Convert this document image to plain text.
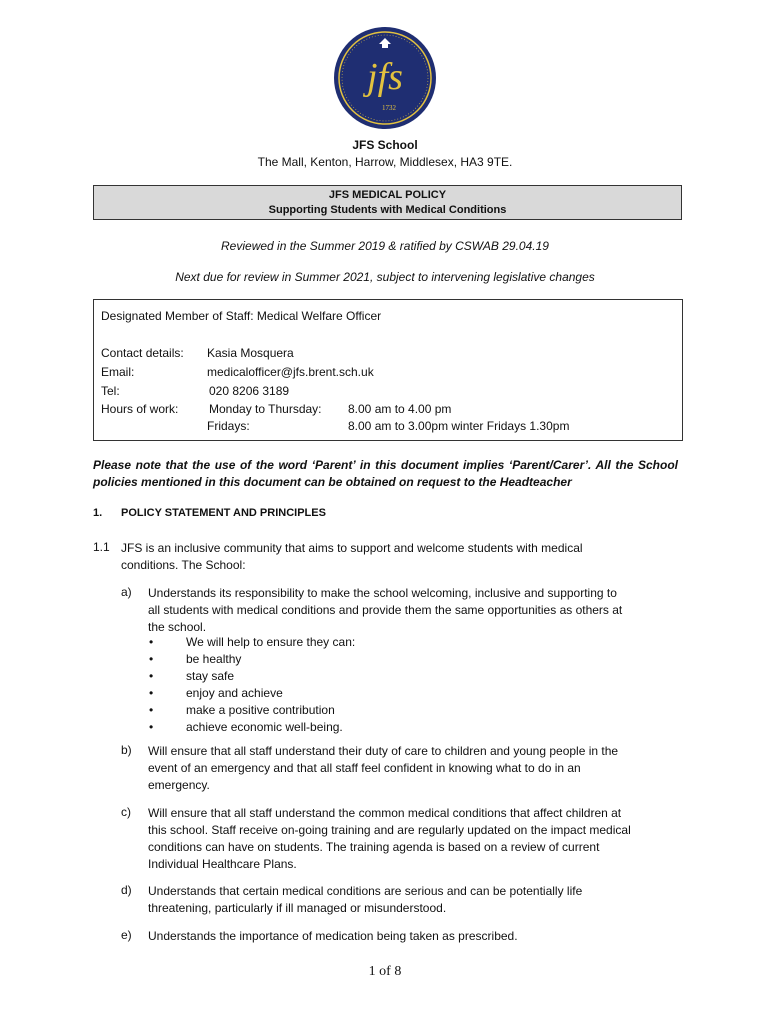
jfs
1732
JFS School
The Mall, Kenton, Harrow, Middlesex, HA3 9TE.
JFS MEDICAL POLICY
Supporting Students with Medical Conditions
Reviewed in the Summer 2019 & ratified by CSWAB 29.04.19
Next due for review in Summer 2021, subject to intervening legislative changes
Designated Member of Staff: Medical Welfare Officer
Contact details: Kasia Mosquera
Email:	medicalofficer@jfs.brent.sch.uk
Tel:	020 8206 3189
Hours of work:	Monday to Thursday: 8.00 am to 4.00 pm
Fridays:	8.00 am to 3.00pm winter Fridays 1.30pm
Please note that the use of the word ‘Parent’ in this document implies ‘Parent/Carer’. All the School policies mentioned in this document can be obtained on request to the Headteacher
1. POLICY STATEMENT AND PRINCIPLES
1.1 JFS is an inclusive community that aims to support and welcome students with medical
conditions. The School:
a) Understands its responsibility to make the school welcoming, inclusive and supporting to
all students with medical conditions and provide them the same opportunities as others at
the school.
•	We will help to ensure they can:
•	be healthy
•	stay safe
•	enjoy and achieve
•	make a positive contribution
•	achieve economic well-being.
b) Will ensure that all staff understand their duty of care to children and young people in the
event of an emergency and that all staff feel confident in knowing what to do in an
emergency.
c) Will ensure that all staff understand the common medical conditions that affect children at
this school. Staff receive on-going training and are regularly updated on the impact medical
conditions can have on students. The training agenda is based on a review of current
Individual Healthcare Plans.
d) Understands that certain medical conditions are serious and can be potentially life
threatening, particularly if ill managed or misunderstood.
e) Understands the importance of medication being taken as prescribed.
1 of 8
